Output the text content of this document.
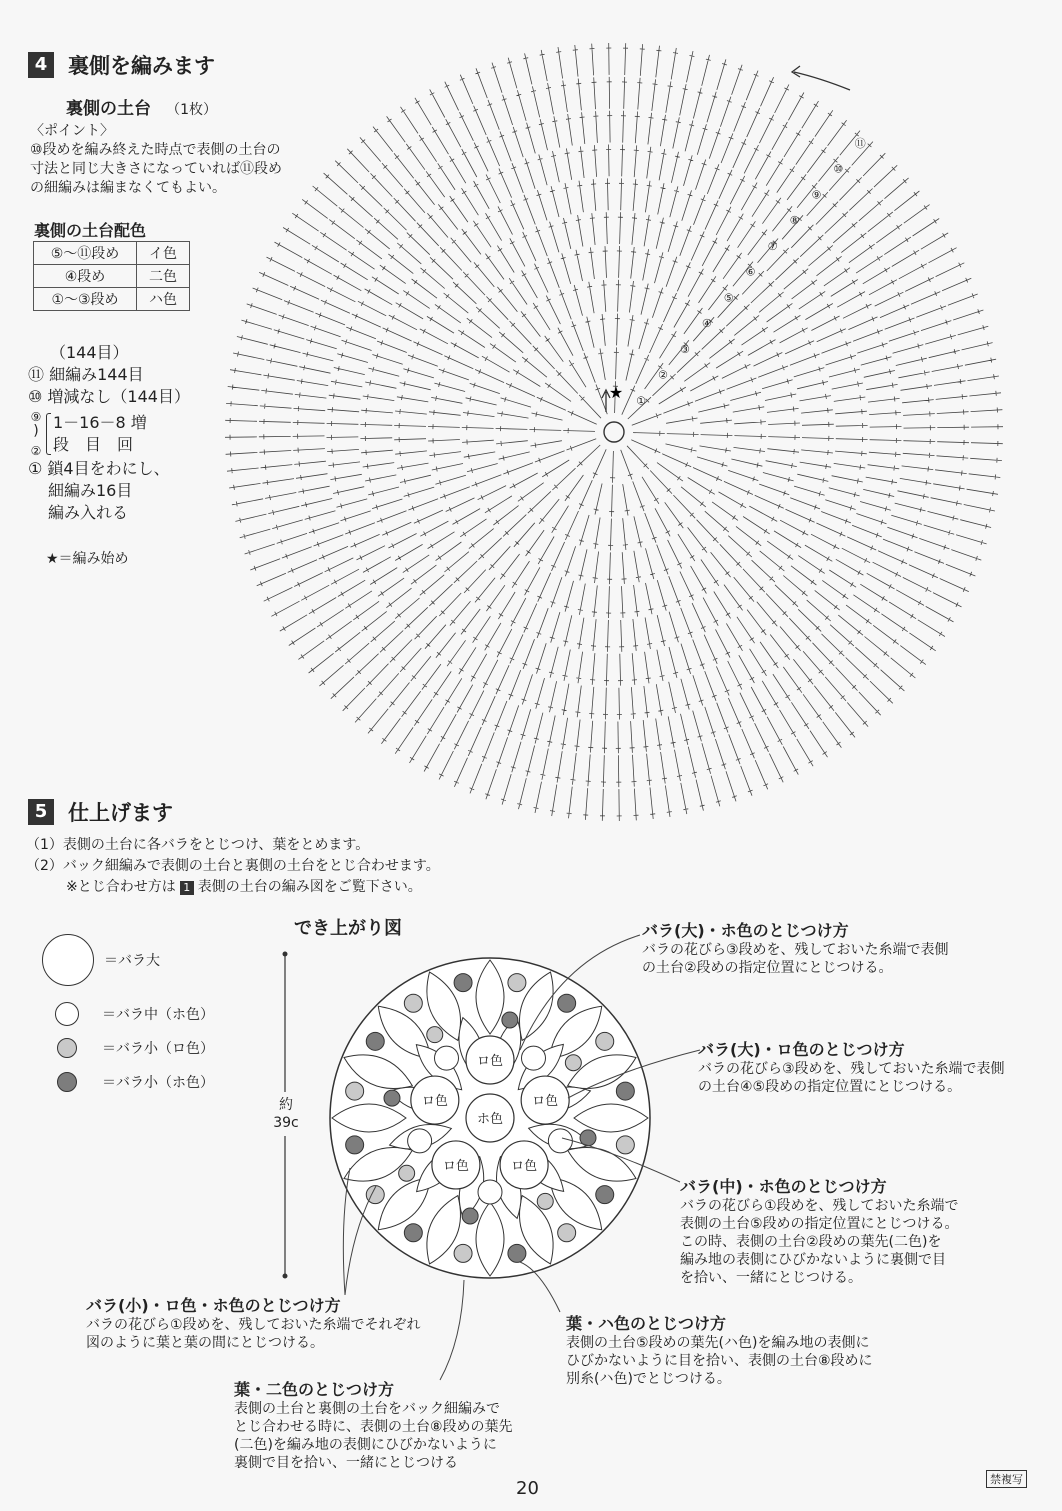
4 裏側を編みます
裏側の土台 （1枚）
〈ポイント〉
⑩段めを編み終えた時点で表側の土台の
寸法と同じ大きさになっていれば⑪段め
の細編みは編まなくてもよい。
裏側の土台配色
⑤～⑪段め	イ色
④段め	二色
①～③段め	ハ色
（144目）
⑪ 細編み144目
⑩ 増減なし（144目）
⑨
)
②
1－16－8 増
段　目　回
① 鎖4目をわにし、
細編み16目
編み入れる
★＝編み始め
①
②
③
④
⑤
⑥
⑦
⑧
⑨
⑩
⑪
★
5 仕上げます
（1）表側の土台に各バラをとじつけ、葉をとめます。
（2）バック細編みで表側の土台と裏側の土台をとじ合わせます。
※とじ合わせ方は 1 表側の土台の編み図をご覧下さい。
でき上がり図
＝バラ大
＝バラ中（ホ色）
＝バラ小（ロ色）
＝バラ小（ホ色）
約
39c
ロ色
ロ色
ロ色
ロ色
ロ色
ホ色
バラ(大)・ホ色のとじつけ方
バラの花びら③段めを、残しておいた糸端で表側
の土台②段めの指定位置にとじつける。
バラ(大)・ロ色のとじつけ方
バラの花びら③段めを、残しておいた糸端で表側
の土台④⑤段めの指定位置にとじつける。
バラ(中)・ホ色のとじつけ方
バラの花びら①段めを、残しておいた糸端で
表側の土台⑤段めの指定位置にとじつける。
この時、表側の土台②段めの葉先(二色)を
編み地の表側にひびかないように裏側で目
を拾い、一緒にとじつける。
バラ(小)・ロ色・ホ色のとじつけ方
バラの花びら①段めを、残しておいた糸端でそれぞれ
図のように葉と葉の間にとじつける。
葉・ハ色のとじつけ方
表側の土台⑤段めの葉先(ハ色)を編み地の表側に
ひびかないように目を拾い、表側の土台⑧段めに
別糸(ハ色)でとじつける。
葉・二色のとじつけ方
表側の土台と裏側の土台をバック細編みで
とじ合わせる時に、表側の土台⑧段めの葉先
(二色)を編み地の表側にひびかないように
裏側で目を拾い、一緒にとじつける
20	禁複写
